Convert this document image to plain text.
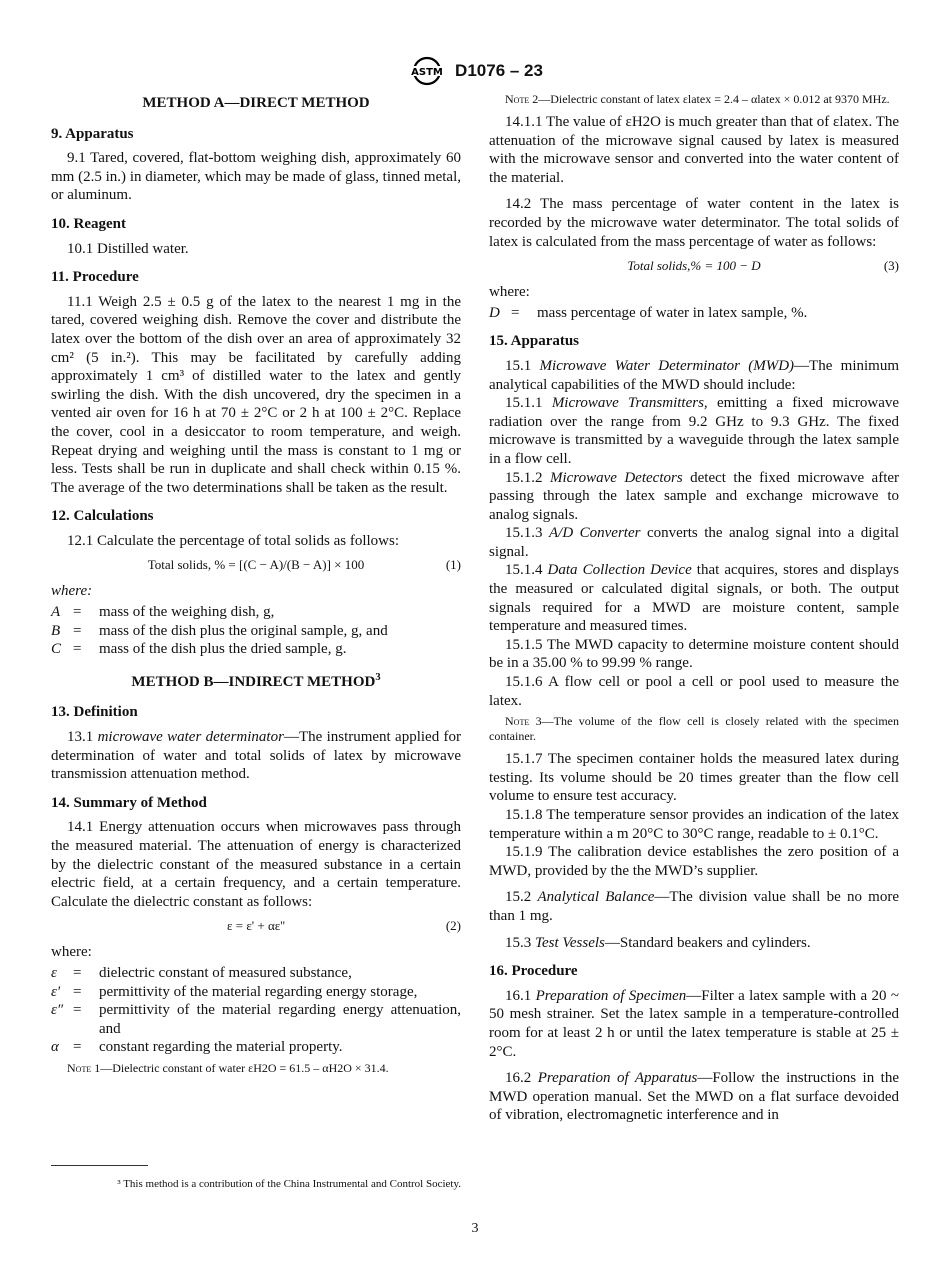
ASTM D1076 – 23

METHOD A—DIRECT METHOD

9. Apparatus

9.1 Tared, covered, flat-bottom weighing dish, approximately 60 mm (2.5 in.) in diameter, which may be made of glass, tinned metal, or aluminum.

10. Reagent

10.1 Distilled water.

11. Procedure

11.1 Weigh 2.5 ± 0.5 g of the latex to the nearest 1 mg in the tared, covered weighing dish. Remove the cover and distribute the latex over the bottom of the dish over an area of approximately 32 cm² (5 in.²). This may be facilitated by carefully adding approximately 1 cm³ of distilled water to the latex and gently swirling the dish. With the dish uncovered, dry the specimen in a vented air oven for 16 h at 70 ± 2°C or 2 h at 100 ± 2°C. Replace the cover, cool in a desiccator to room temperature, and weigh. Repeat drying and weighing until the mass is constant to 1 mg or less. Tests shall be run in duplicate and shall check within 0.15 %. The average of the two determinations shall be taken as the result.

12. Calculations

12.1 Calculate the percentage of total solids as follows:

Total solids, % = [(C − A)/(B − A)] × 100	(1)

where:

A =	mass of the weighing dish, g,
B =	mass of the dish plus the original sample, g, and
C =	mass of the dish plus the dried sample, g.

METHOD B—INDIRECT METHOD$^3$

13. Definition

13.1 microwave water determinator—The instrument applied for determination of water and total solids of latex by microwave transmission attenuation method.

14. Summary of Method

14.1 Energy attenuation occurs when microwaves pass through the measured material. The attenuation of energy is characterized by the dielectric constant of the measured substance in a certain electric field, at a certain frequency, and a certain temperature. Calculate the dielectric constant as follows:

ε = ε' + αε''	(2)

where:

ε	=	dielectric constant of measured substance,
ε′ =	permittivity of the material regarding energy storage,
ε″ =	permittivity of the material regarding energy attenuation, and
α =	constant regarding the material property.

Note 1—Dielectric constant of water εH2O = 61.5 – αH2O × 31.4.

³ This method is a contribution of the China Instrumental and Control Society.

Note 2—Dielectric constant of latex εlatex = 2.4 – αlatex × 0.012 at 9370 MHz.

14.1.1 The value of εH2O is much greater than that of εlatex. The attenuation of the microwave signal caused by latex is measured with the microwave sensor and converted into the water content of the material.

14.2 The mass percentage of water content in the latex is recorded by the microwave water determinator. The total solids of latex is calculated from the mass percentage of water as follows:

Total solids,% = 100 − D	(3)

where:

D =	mass percentage of water in latex sample, %.

15. Apparatus

15.1 Microwave Water Determinator (MWD)—The minimum analytical capabilities of the MWD should include:

15.1.1 Microwave Transmitters, emitting a fixed microwave radiation over the range from 9.2 GHz to 9.3 GHz. The fixed microwave is transmitted by a waveguide through the latex sample in a flow cell.

15.1.2 Microwave Detectors detect the fixed microwave after passing through the latex sample and exchange microwave to analog signals.

15.1.3 A/D Converter converts the analog signal into a digital signal.

15.1.4 Data Collection Device that acquires, stores and displays the measured or calculated digital signals, or both. The output signals required for a MWD are moisture content, sample temperature and measured times.

15.1.5 The MWD capacity to determine moisture content should be in a 35.00 % to 99.99 % range.

15.1.6 A flow cell or pool a cell or pool used to measure the latex.

Note 3—The volume of the flow cell is closely related with the specimen container.

15.1.7 The specimen container holds the measured latex during testing. Its volume should be 20 times greater than the flow cell volume to ensure test accuracy.

15.1.8 The temperature sensor provides an indication of the latex temperature within a m 20°C to 30°C range, readable to ± 0.1°C.

15.1.9 The calibration device establishes the zero position of a MWD, provided by the the MWD’s supplier.

15.2 Analytical Balance—The division value shall be no more than 1 mg.

15.3 Test Vessels—Standard beakers and cylinders.

16. Procedure

16.1 Preparation of Specimen—Filter a latex sample with a 20 ~ 50 mesh strainer. Set the latex sample in a temperature-controlled room for at least 2 h or until the latex temperature is stable at 25 ± 2°C.

16.2 Preparation of Apparatus—Follow the instructions in the MWD operation manual. Set the MWD on a flat surface devoided of vibration, electromagnetic interference and in

3
